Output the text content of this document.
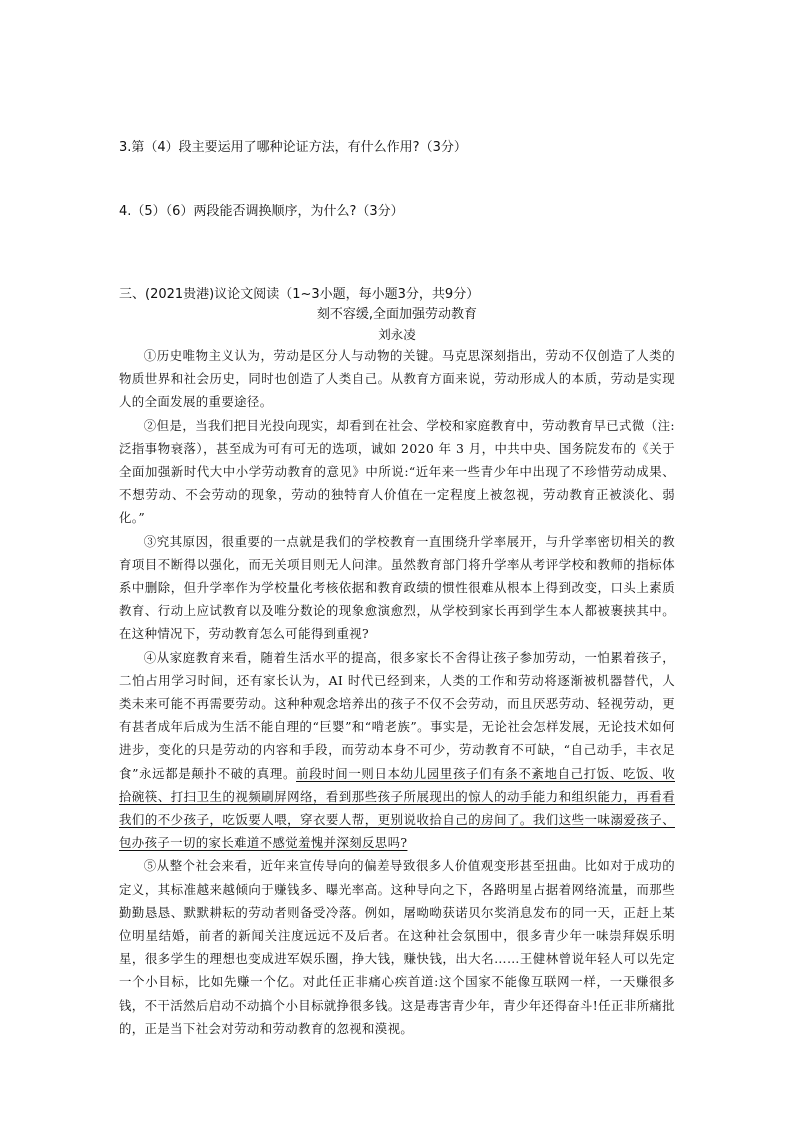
3.第（4）段主要运用了哪种论证方法，有什么作用?（3分）
4.（5）（6）两段能否调换顺序，为什么?（3分）
三、(2021贵港)议论文阅读（1~3小题，每小题3分，共9分）
刻不容缓,全面加强劳动教育
刘永凌

①历史唯物主义认为，劳动是区分人与动物的关键。马克思深刻指出，劳动不仅创造了人类的物质世界和社会历史，同时也创造了人类自己。从教育方面来说，劳动形成人的本质，劳动是实现人的全面发展的重要途径。

②但是，当我们把目光投向现实，却看到在社会、学校和家庭教育中，劳动教育早已式微（注:泛指事物衰落），甚至成为可有可无的选项，诚如 2020 年 3 月，中共中央、国务院发布的《关于全面加强新时代大中小学劳动教育的意见》中所说:“近年来一些青少年中出现了不珍惜劳动成果、不想劳动、不会劳动的现象，劳动的独特育人价值在一定程度上被忽视，劳动教育正被淡化、弱化。”

③究其原因，很重要的一点就是我们的学校教育一直围绕升学率展开，与升学率密切相关的教育项目不断得以强化，而无关项目则无人问津。虽然教育部门将升学率从考评学校和教师的指标体系中删除，但升学率作为学校量化考核依据和教育政绩的惯性很难从根本上得到改变，口头上素质教育、行动上应试教育以及唯分数论的现象愈演愈烈，从学校到家长再到学生本人都被裹挟其中。在这种情况下，劳动教育怎么可能得到重视?

④从家庭教育来看，随着生活水平的提高，很多家长不舍得让孩子参加劳动，一怕累着孩子，二怕占用学习时间，还有家长认为，AI 时代已经到来，人类的工作和劳动将逐渐被机器替代，人类未来可能不再需要劳动。这种种观念培养出的孩子不仅不会劳动，而且厌恶劳动、轻视劳动，更有甚者成年后成为生活不能自理的“巨婴”和“啃老族”。事实是，无论社会怎样发展，无论技术如何进步，变化的只是劳动的内容和手段，而劳动本身不可少，劳动教育不可缺，“自己动手，丰衣足食”永远都是颠扑不破的真理。前段时间一则日本幼儿园里孩子们有条不紊地自己打饭、吃饭、收拾碗筷、打扫卫生的视频刷屏网络，看到那些孩子所展现出的惊人的动手能力和组织能力，再看看我们的不少孩子，吃饭要人喂，穿衣要人帮，更别说收拾自己的房间了。我们这些一味溺爱孩子、包办孩子一切的家长难道不感觉羞愧并深刻反思吗?

⑤从整个社会来看，近年来宣传导向的偏差导致很多人价值观变形甚至扭曲。比如对于成功的定义，其标准越来越倾向于赚钱多、曝光率高。这种导向之下，各路明星占据着网络流量，而那些勤勤恳恳、默默耕耘的劳动者则备受冷落。例如，屠呦呦获诺贝尔奖消息发布的同一天，正赶上某位明星结婚，前者的新闻关注度远远不及后者。在这种社会氛围中，很多青少年一味崇拜娱乐明星，很多学生的理想也变成进军娱乐圈，挣大钱，赚快钱，出大名……王健林曾说年轻人可以先定一个小目标，比如先赚一个亿。对此任正非痛心疾首道:这个国家不能像互联网一样，一天赚很多钱，不干活然后启动不动搞个小目标就挣很多钱。这是毒害青少年，青少年还得奋斗!任正非所痛批的，正是当下社会对劳动和劳动教育的忽视和漠视。
